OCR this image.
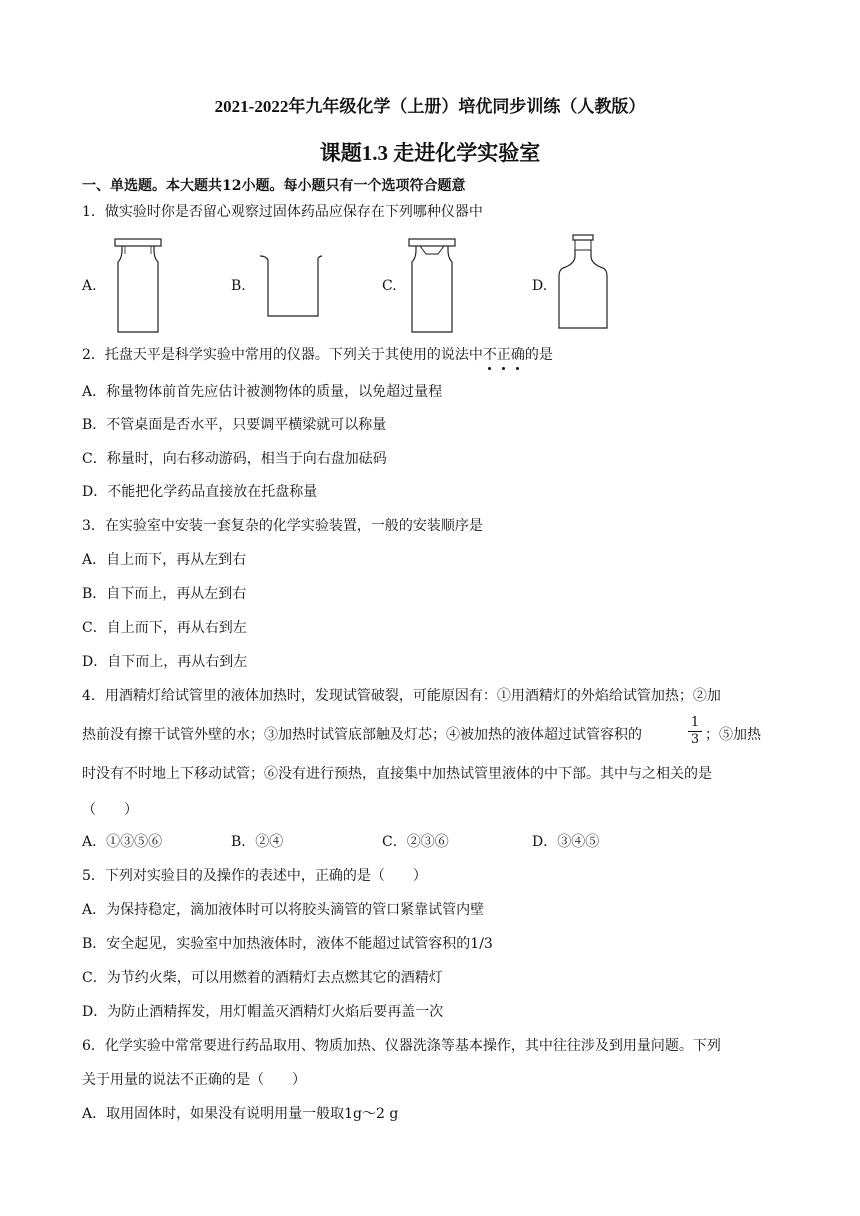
2021-2022年九年级化学（上册）培优同步训练（人教版）
课题1.3 走进化学实验室
一、单选题。本大题共12小题。每小题只有一个选项符合题意
1．做实验时你是否留心观察过固体药品应保存在下列哪种仪器中
A.	B.	C.	D.
2．托盘天平是科学实验中常用的仪器。下列关于其使用的说法中不正确的是
A．称量物体前首先应估计被测物体的质量，以免超过量程
B．不管桌面是否水平，只要调平横梁就可以称量
C．称量时，向右移动游码，相当于向右盘加砝码
D．不能把化学药品直接放在托盘称量
3．在实验室中安装一套复杂的化学实验装置，一般的安装顺序是
A．自上而下，再从左到右
B．自下而上，再从左到右
C．自上而下，再从右到左
D．自下而上，再从右到左
4．用酒精灯给试管里的液体加热时，发现试管破裂，可能原因有：①用酒精灯的外焰给试管加热；②加
热前没有擦干试管外壁的水；③加热时试管底部触及灯芯；④被加热的液体超过试管容积的
1
3 ；⑤加热
时没有不时地上下移动试管；⑥没有进行预热，直接集中加热试管里液体的中下部。其中与之相关的是
（　　）
A．①③⑤⑥	B．②④	C．②③⑥	D．③④⑤
5．下列对实验目的及操作的表述中，正确的是（　　）
A．为保持稳定，滴加液体时可以将胶头滴管的管口紧靠试管内壁
B．安全起见，实验室中加热液体时，液体不能超过试管容积的1/3
C．为节约火柴，可以用燃着的酒精灯去点燃其它的酒精灯
D．为防止酒精挥发，用灯帽盖灭酒精灯火焰后要再盖一次
6．化学实验中常常要进行药品取用、物质加热、仪器洗涤等基本操作，其中往往涉及到用量问题。下列
关于用量的说法不正确的是（　　）
A．取用固体时，如果没有说明用量一般取1g～2 g
